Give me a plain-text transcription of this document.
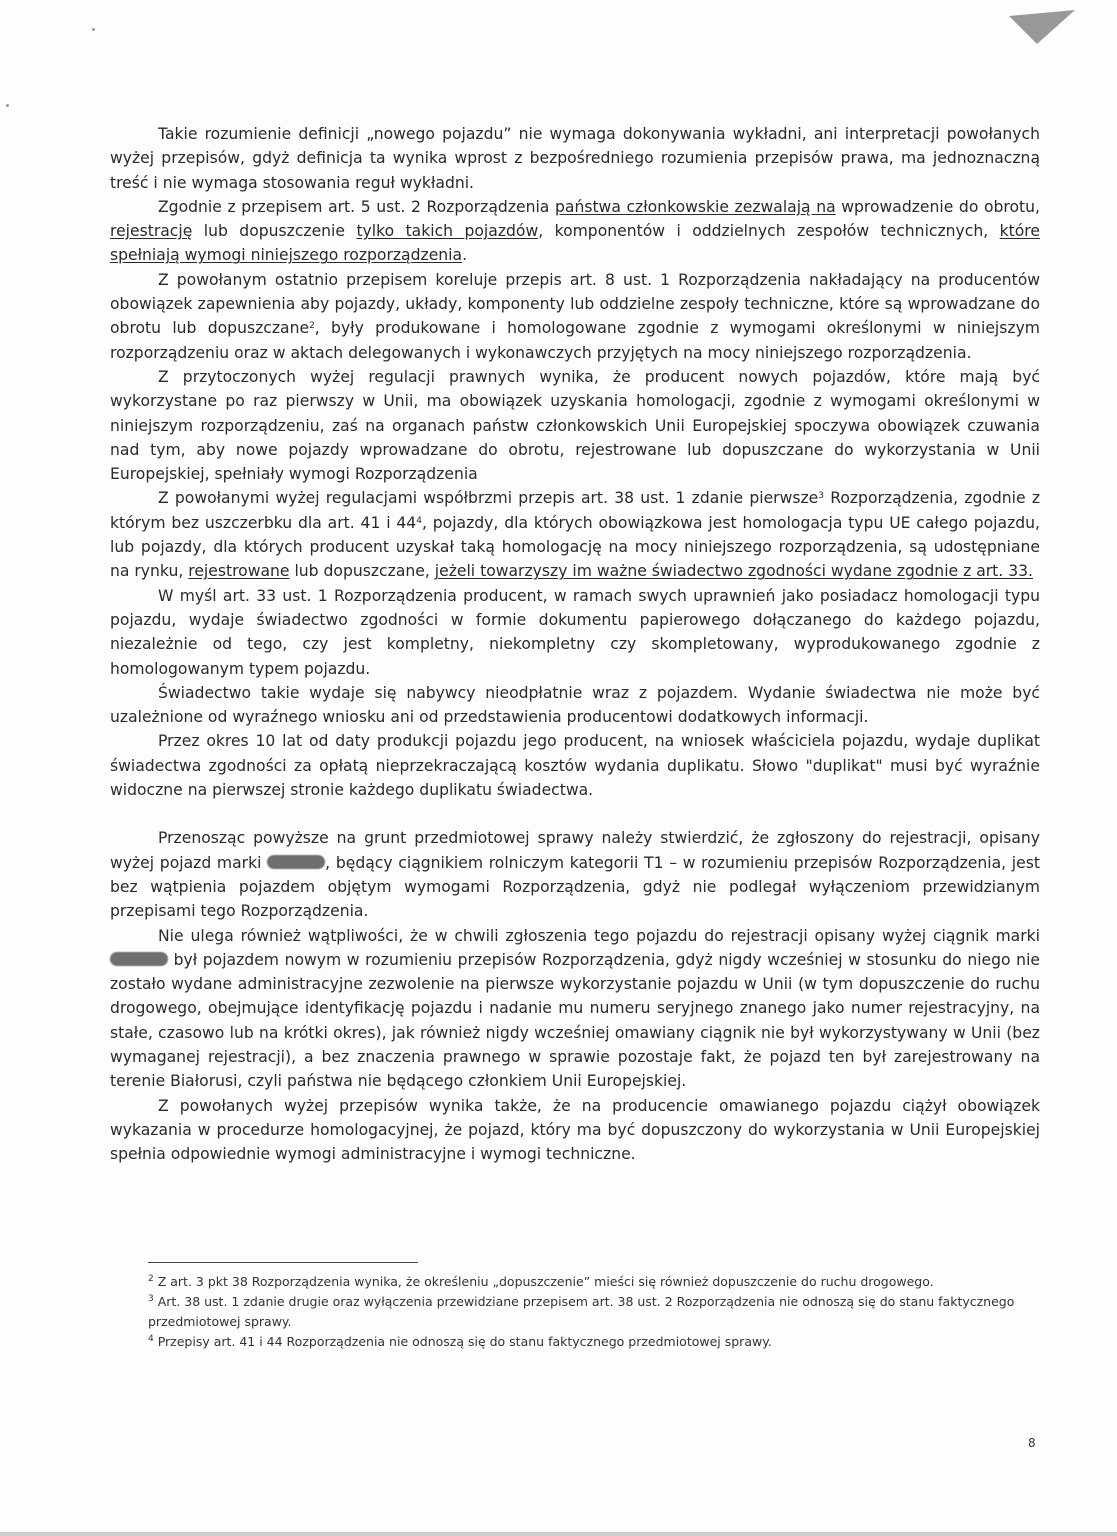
Takie rozumienie definicji „nowego pojazdu” nie wymaga dokonywania wykładni, ani interpretacji powołanych wyżej przepisów, gdyż definicja ta wynika wprost z bezpośredniego rozumienia przepisów prawa, ma jednoznaczną treść i nie wymaga stosowania reguł wykładni.

Zgodnie z przepisem art. 5 ust. 2 Rozporządzenia państwa członkowskie zezwalają na wprowadzenie do obrotu, rejestrację lub dopuszczenie tylko takich pojazdów, komponentów i oddzielnych zespołów technicznych, które spełniają wymogi niniejszego rozporządzenia.

Z powołanym ostatnio przepisem koreluje przepis art. 8 ust. 1 Rozporządzenia nakładający na producentów obowiązek zapewnienia aby pojazdy, układy, komponenty lub oddzielne zespoły techniczne, które są wprowadzane do obrotu lub dopuszczane$^2$, były produkowane i homologowane zgodnie z wymogami określonymi w niniejszym rozporządzeniu oraz w aktach delegowanych i wykonawczych przyjętych na mocy niniejszego rozporządzenia.

Z przytoczonych wyżej regulacji prawnych wynika, że producent nowych pojazdów, które mają być wykorzystane po raz pierwszy w Unii, ma obowiązek uzyskania homologacji, zgodnie z wymogami określonymi w niniejszym rozporządzeniu, zaś na organach państw członkowskich Unii Europejskiej spoczywa obowiązek czuwania nad tym, aby nowe pojazdy wprowadzane do obrotu, rejestrowane lub dopuszczane do wykorzystania w Unii Europejskiej, spełniały wymogi Rozporządzenia

Z powołanymi wyżej regulacjami współbrzmi przepis art. 38 ust. 1 zdanie pierwsze$^3$ Rozporządzenia, zgodnie z którym bez uszczerbku dla art. 41 i $44^4$, pojazdy, dla których obowiązkowa jest homologacja typu UE całego pojazdu, lub pojazdy, dla których producent uzyskał taką homologację na mocy niniejszego rozporządzenia, są udostępniane na rynku, rejestrowane lub dopuszczane, jeżeli towarzyszy im ważne świadectwo zgodności wydane zgodnie z art. 33.

W myśl art. 33 ust. 1 Rozporządzenia producent, w ramach swych uprawnień jako posiadacz homologacji typu pojazdu, wydaje świadectwo zgodności w formie dokumentu papierowego dołączanego do każdego pojazdu, niezależnie od tego, czy jest kompletny, niekompletny czy skompletowany, wyprodukowanego zgodnie z homologowanym typem pojazdu.

Świadectwo takie wydaje się nabywcy nieodpłatnie wraz z pojazdem. Wydanie świadectwa nie może być uzależnione od wyraźnego wniosku ani od przedstawienia producentowi dodatkowych informacji.

Przez okres 10 lat od daty produkcji pojazdu jego producent, na wniosek właściciela pojazdu, wydaje duplikat świadectwa zgodności za opłatą nieprzekraczającą kosztów wydania duplikatu. Słowo "duplikat" musi być wyraźnie widoczne na pierwszej stronie każdego duplikatu świadectwa.

Przenosząc powyższe na grunt przedmiotowej sprawy należy stwierdzić, że zgłoszony do rejestracji, opisany wyżej pojazd marki	, będący ciągnikiem rolniczym kategorii T1 – w rozumieniu przepisów Rozporządzenia, jest bez wątpienia pojazdem objętym wymogami Rozporządzenia, gdyż nie podlegał wyłączeniom przewidzianym przepisami tego Rozporządzenia.

Nie ulega również wątpliwości, że w chwili zgłoszenia tego pojazdu do rejestracji opisany wyżej ciągnik marki był pojazdem nowym w rozumieniu przepisów Rozporządzenia, gdyż nigdy wcześniej w stosunku do niego nie zostało wydane administracyjne zezwolenie na pierwsze wykorzystanie pojazdu w Unii (w tym dopuszczenie do ruchu drogowego, obejmujące identyfikację pojazdu i nadanie mu numeru seryjnego znanego jako numer rejestracyjny, na stałe, czasowo lub na krótki okres), jak również nigdy wcześniej omawiany ciągnik nie był wykorzystywany w Unii (bez wymaganej rejestracji), a bez znaczenia prawnego w sprawie pozostaje fakt, że pojazd ten był zarejestrowany na terenie Białorusi, czyli państwa nie będącego członkiem Unii Europejskiej.

Z powołanych wyżej przepisów wynika także, że na producencie omawianego pojazdu ciążył obowiązek wykazania w procedurze homologacyjnej, że pojazd, który ma być dopuszczony do wykorzystania w Unii Europejskiej spełnia odpowiednie wymogi administracyjne i wymogi techniczne.

$^2$ Z art. 3 pkt 38 Rozporządzenia wynika, że określeniu „dopuszczenie” mieści się również dopuszczenie do ruchu drogowego.

$^3$ Art. 38 ust. 1 zdanie drugie oraz wyłączenia przewidziane przepisem art. 38 ust. 2 Rozporządzenia nie odnoszą się do stanu faktycznego przedmiotowej sprawy.

$^4$ Przepisy art. 41 i 44 Rozporządzenia nie odnoszą się do stanu faktycznego przedmiotowej sprawy.

8
